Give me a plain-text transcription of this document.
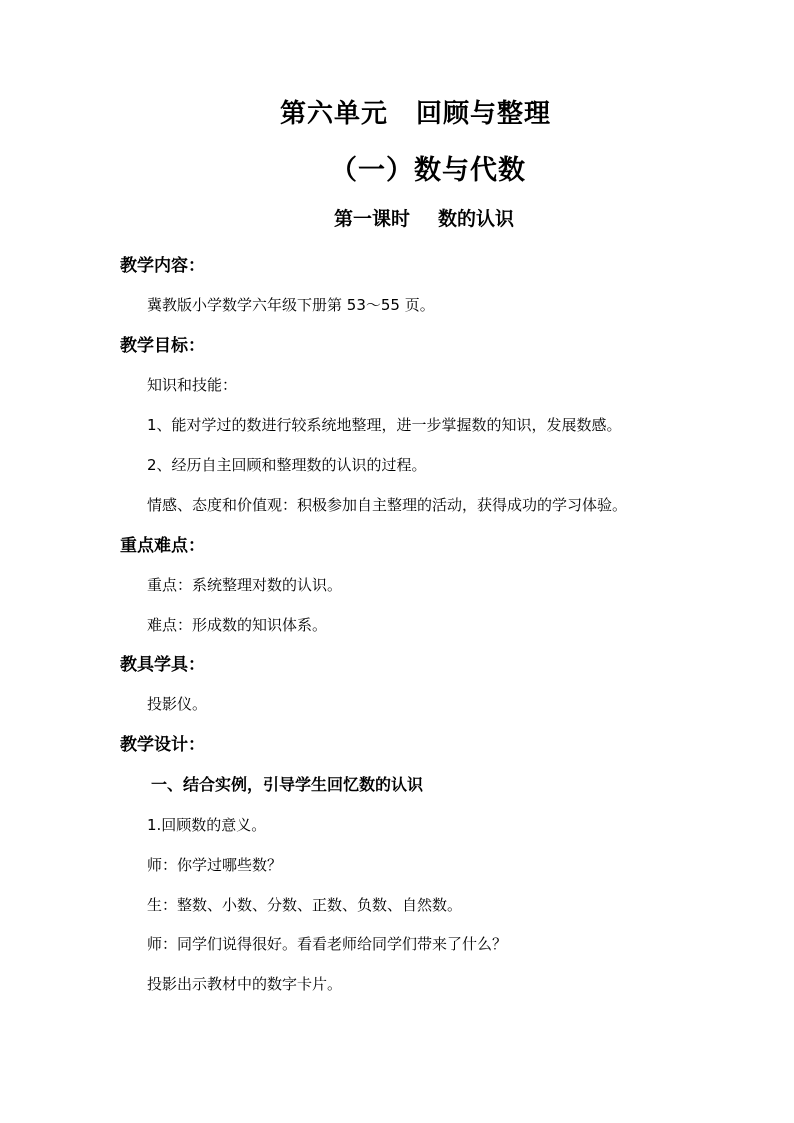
第六单元 回顾与整理
（一）数与代数
第一课时 数的认识
教学内容：
冀教版小学数学六年级下册第 53～55 页。
教学目标：
知识和技能：
1、能对学过的数进行较系统地整理，进一步掌握数的知识，发展数感。
2、经历自主回顾和整理数的认识的过程。
情感、态度和价值观：积极参加自主整理的活动，获得成功的学习体验。
重点难点：
重点：系统整理对数的认识。
难点：形成数的知识体系。
教具学具：
投影仪。
教学设计：
一、结合实例，引导学生回忆数的认识
1.回顾数的意义。
师：你学过哪些数？
生：整数、小数、分数、正数、负数、自然数。
师：同学们说得很好。看看老师给同学们带来了什么？
投影出示教材中的数字卡片。
